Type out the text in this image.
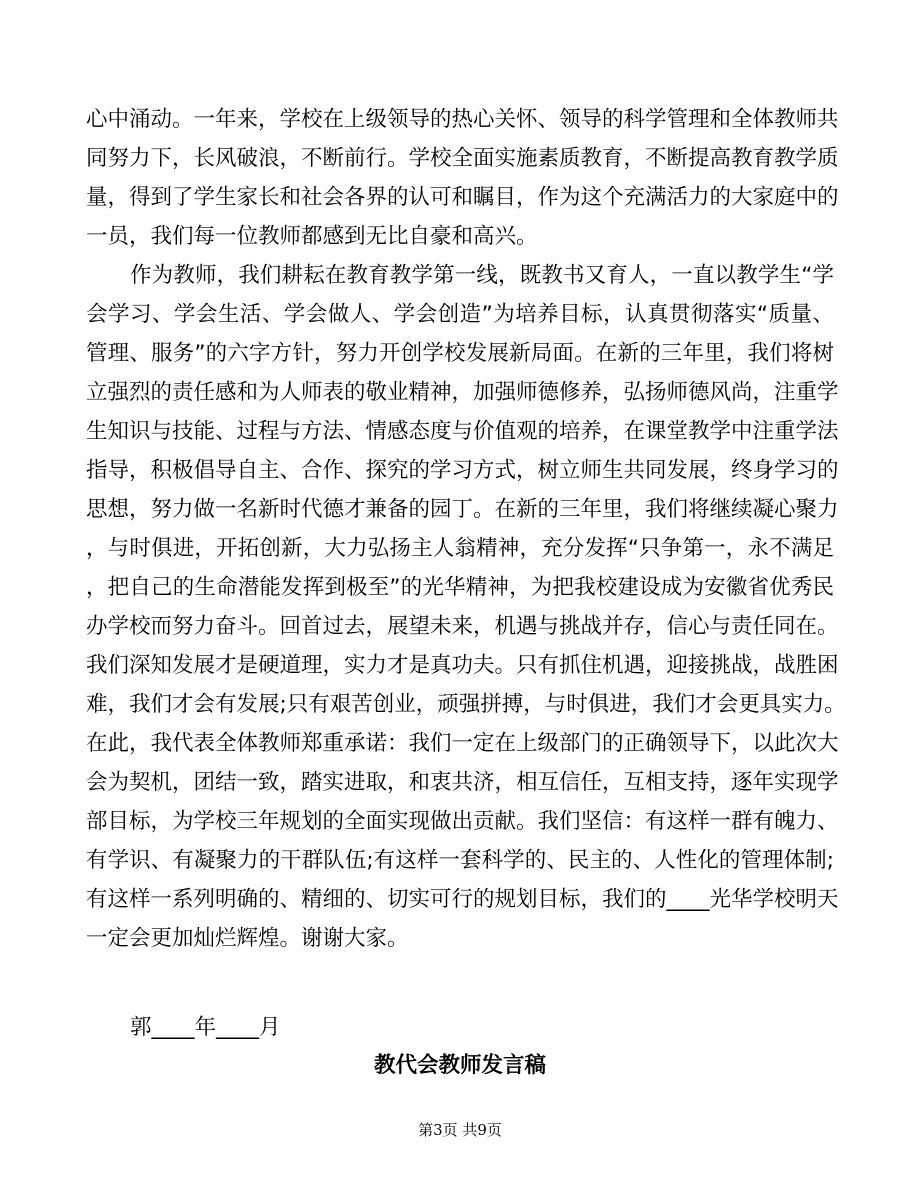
心中涌动。一年来，学校在上级领导的热心关怀、领导的科学管理和全体教师共
同努力下，长风破浪，不断前行。学校全面实施素质教育，不断提高教育教学质
量，得到了学生家长和社会各界的认可和瞩目，作为这个充满活力的大家庭中的
一员，我们每一位教师都感到无比自豪和高兴。
作为教师，我们耕耘在教育教学第一线，既教书又育人，一直以教学生“学
会学习、学会生活、学会做人、学会创造”为培养目标，认真贯彻落实“质量、
管理、服务”的六字方针，努力开创学校发展新局面。在新的三年里，我们将树
立强烈的责任感和为人师表的敬业精神，加强师德修养，弘扬师德风尚，注重学
生知识与技能、过程与方法、情感态度与价值观的培养，在课堂教学中注重学法
指导，积极倡导自主、合作、探究的学习方式，树立师生共同发展，终身学习的
思想，努力做一名新时代德才兼备的园丁。在新的三年里，我们将继续凝心聚力
，与时俱进，开拓创新，大力弘扬主人翁精神，充分发挥“只争第一，永不满足
，把自己的生命潜能发挥到极至”的光华精神，为把我校建设成为安徽省优秀民
办学校而努力奋斗。回首过去，展望未来，机遇与挑战并存，信心与责任同在。
我们深知发展才是硬道理，实力才是真功夫。只有抓住机遇，迎接挑战，战胜困
难，我们才会有发展;只有艰苦创业，顽强拼搏，与时俱进，我们才会更具实力。
在此，我代表全体教师郑重承诺：我们一定在上级部门的正确领导下，以此次大
会为契机，团结一致，踏实进取，和衷共济，相互信任，互相支持，逐年实现学
部目标，为学校三年规划的全面实现做出贡献。我们坚信：有这样一群有魄力、
有学识、有凝聚力的干群队伍;有这样一套科学的、民主的、人性化的管理体制;
有这样一系列明确的、精细的、切实可行的规划目标，我们的____光华学校明天
一定会更加灿烂辉煌。谢谢大家。
郭____年____月
教代会教师发言稿
第3页 共9页
